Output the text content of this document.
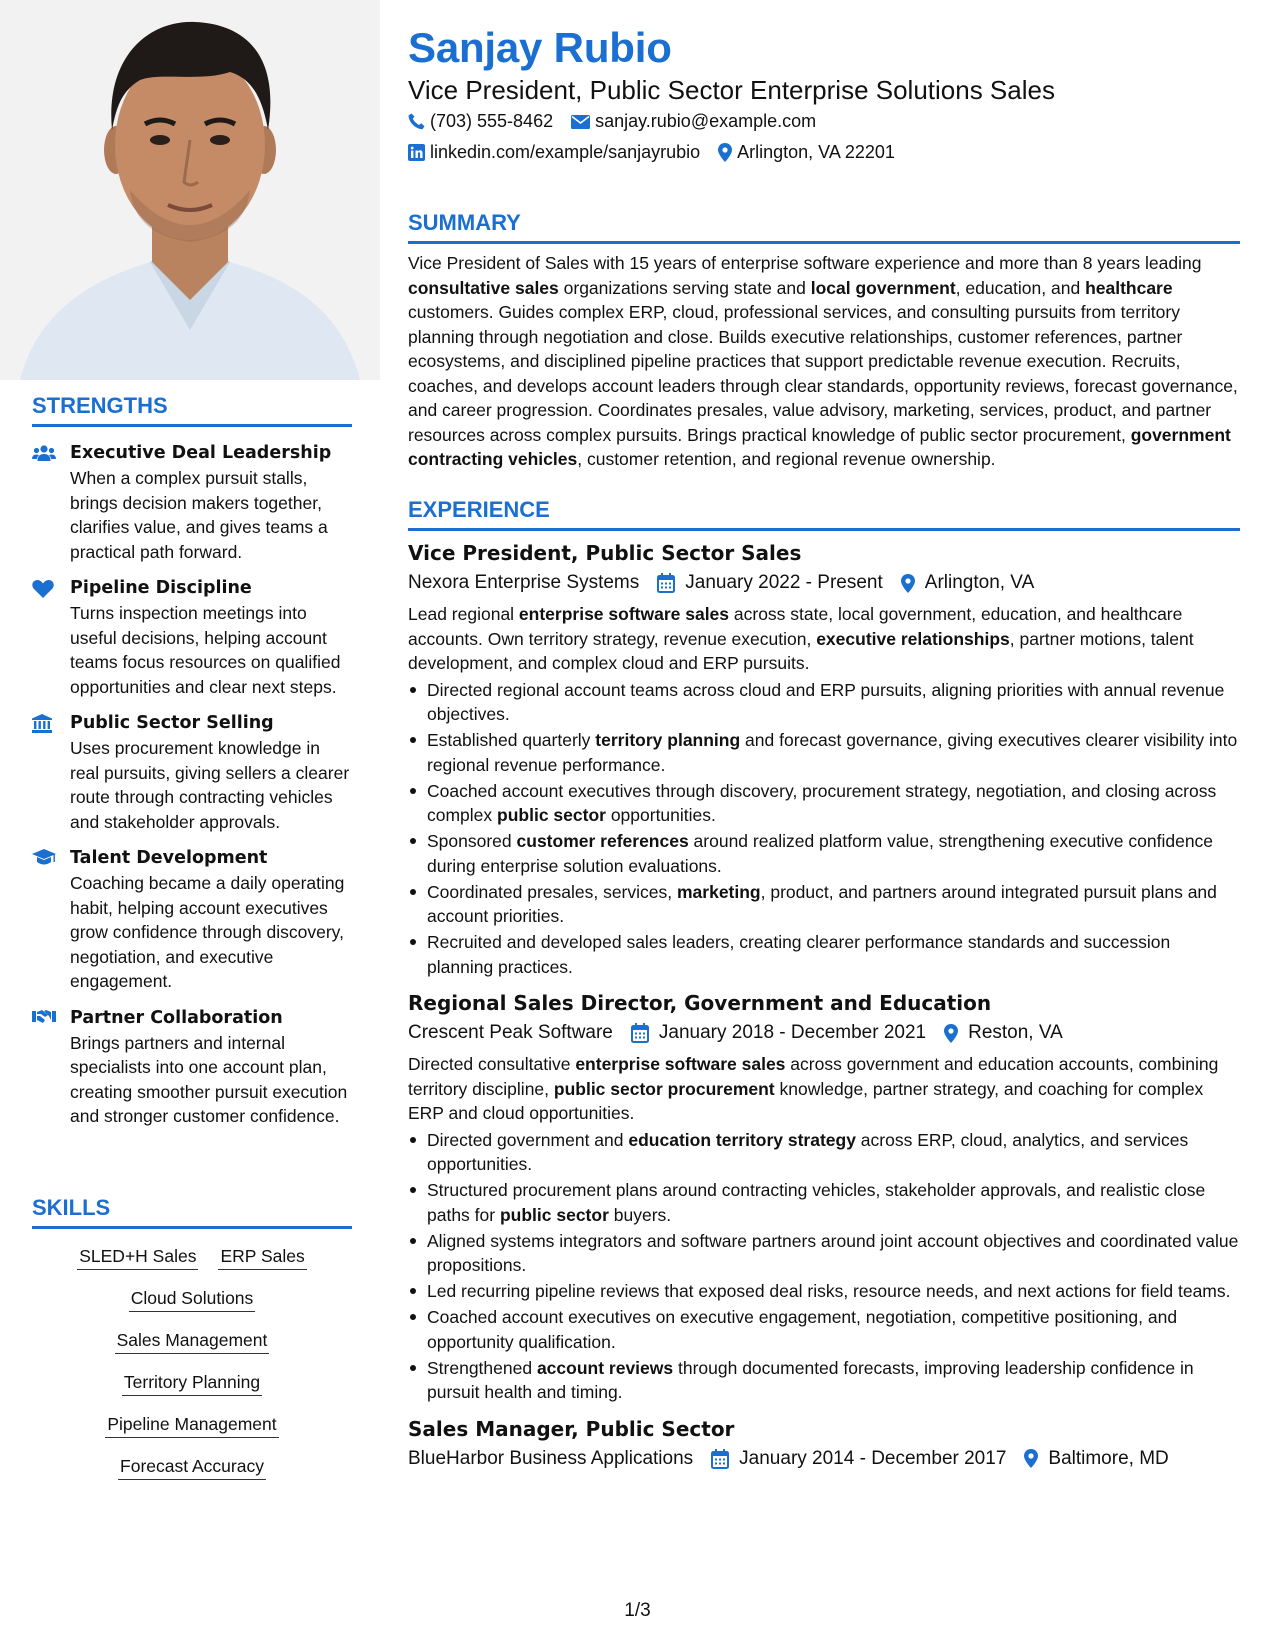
STRENGTHS
Executive Deal Leadership
When a complex pursuit stalls, brings decision makers together, clarifies value, and gives teams a practical path forward.
Pipeline Discipline
Turns inspection meetings into useful decisions, helping account teams focus resources on qualified opportunities and clear next steps.
Public Sector Selling
Uses procurement knowledge in real pursuits, giving sellers a clearer route through contracting vehicles and stakeholder approvals.
Talent Development
Coaching became a daily operating habit, helping account executives grow confidence through discovery, negotiation, and executive engagement.
Partner Collaboration
Brings partners and internal specialists into one account plan, creating smoother pursuit execution and stronger customer confidence.
SKILLS
SLED+H Sales ERP Sales
Cloud Solutions
Sales Management
Territory Planning
Pipeline Management
Forecast Accuracy
Sanjay Rubio
Vice President, Public Sector Enterprise Solutions Sales
(703) 555-8462 sanjay.rubio@example.com
linkedin.com/example/sanjayrubio Arlington, VA 22201
SUMMARY
Vice President of Sales with 15 years of enterprise software experience and more than 8 years leading consultative sales organizations serving state and local government, education, and healthcare customers. Guides complex ERP, cloud, professional services, and consulting pursuits from territory planning through negotiation and close. Builds executive relationships, customer references, partner ecosystems, and disciplined pipeline practices that support predictable revenue execution. Recruits, coaches, and develops account leaders through clear standards, opportunity reviews, forecast governance, and career progression. Coordinates presales, value advisory, marketing, services, product, and partner resources across complex pursuits. Brings practical knowledge of public sector procurement, government contracting vehicles, customer retention, and regional revenue ownership.
EXPERIENCE
Vice President, Public Sector Sales
Nexora Enterprise Systems January 2022 - Present Arlington, VA
Lead regional enterprise software sales across state, local government, education, and healthcare accounts. Own territory strategy, revenue execution, executive relationships, partner motions, talent development, and complex cloud and ERP pursuits.
Directed regional account teams across cloud and ERP pursuits, aligning priorities with annual revenue objectives.
Established quarterly territory planning and forecast governance, giving executives clearer visibility into regional revenue performance.
Coached account executives through discovery, procurement strategy, negotiation, and closing across complex public sector opportunities.
Sponsored customer references around realized platform value, strengthening executive confidence during enterprise solution evaluations.
Coordinated presales, services, marketing, product, and partners around integrated pursuit plans and account priorities.
Recruited and developed sales leaders, creating clearer performance standards and succession planning practices.
Regional Sales Director, Government and Education
Crescent Peak Software January 2018 - December 2021 Reston, VA
Directed consultative enterprise software sales across government and education accounts, combining territory discipline, public sector procurement knowledge, partner strategy, and coaching for complex ERP and cloud opportunities.
Directed government and education territory strategy across ERP, cloud, analytics, and services opportunities.
Structured procurement plans around contracting vehicles, stakeholder approvals, and realistic close paths for public sector buyers.
Aligned systems integrators and software partners around joint account objectives and coordinated value propositions.
Led recurring pipeline reviews that exposed deal risks, resource needs, and next actions for field teams.
Coached account executives on executive engagement, negotiation, competitive positioning, and opportunity qualification.
Strengthened account reviews through documented forecasts, improving leadership confidence in pursuit health and timing.
Sales Manager, Public Sector
BlueHarbor Business Applications January 2014 - December 2017 Baltimore, MD
1/3
